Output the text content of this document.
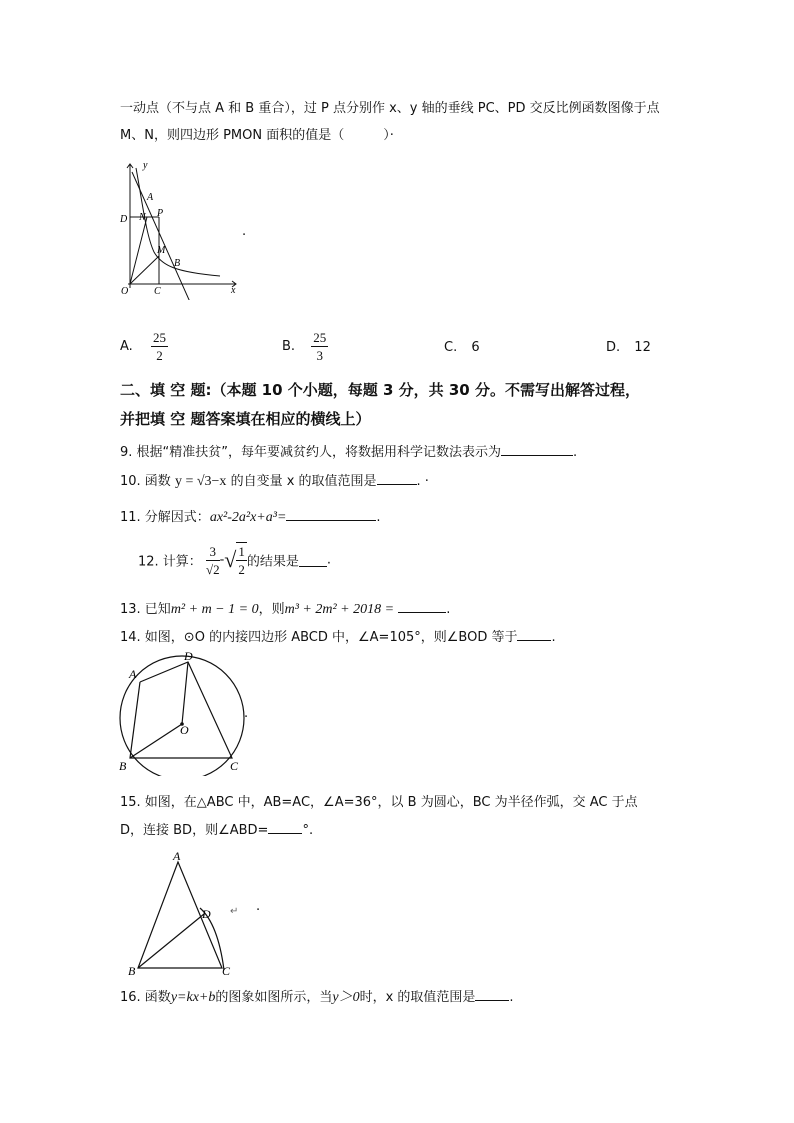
一动点（不与点 A 和 B 重合），过 P 点分别作 x、y 轴的垂线 PC、PD 交反比例函数图像于点
M、N，则四边形 PMON 面积的值是（　　　）·
y
A
P
D N
M
B
O	C	x
·
A. $\frac{25}{2}$	B. $\frac{25}{3}$	C. 6	D. 12
二、填 空 题:（本题 10 个小题，每题 3 分，共 30 分。不需写出解答过程，
并把填 空 题答案填在相应的横线上）
9. 根据“精准扶贫”，每年要减贫约人，将数据用科学记数法表示为	.
10. 函数 y = √3−x 的自变量 x 的取值范围是	. ·
11. 分解因式：ax²-2a²x+a³=	.
12. 计算： $\frac{3}{√2}$ -√ $\frac{1}{2}$ 的结果是 .
13. 已知m² + m − 1 = 0，则m³ + 2m² + 2018 =	.
14. 如图，⊙O 的内接四边形 ABCD 中，∠A=105°，则∠BOD 等于	.
A
D
O
B	C
·
15. 如图，在△ABC 中，AB=AC，∠A=36°，以 B 为圆心，BC 为半径作弧，交 AC 于点
D，连接 BD，则∠ABD=	°.
A
D
B	C
↵ ·
16. 函数y=kx+b的图象如图所示，当y＞0时，x 的取值范围是	.
